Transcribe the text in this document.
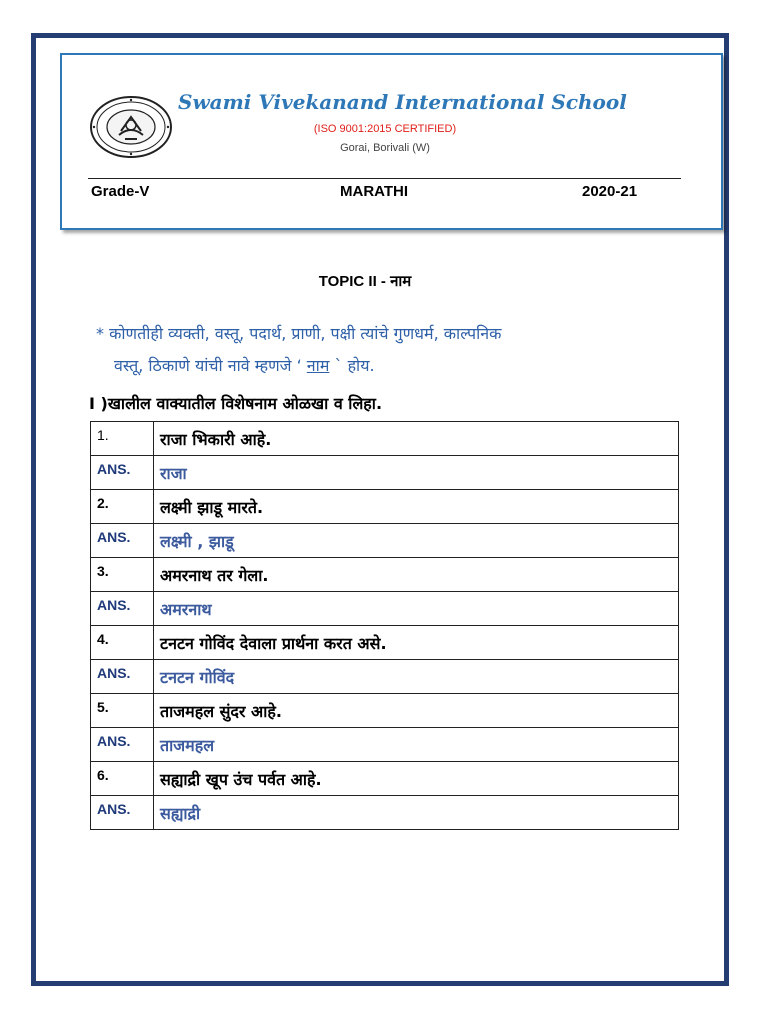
Swami Vivekanand International School
(ISO 9001:2015 CERTIFIED)
Gorai, Borivali (W)
Grade-V	MARATHI	2020-21
TOPIC II - नाम
* कोणतीही व्यक्ती, वस्तू, पदार्थ, प्राणी, पक्षी त्यांचे गुणधर्म, काल्पनिक
वस्तू, ठिकाणे यांची नावे म्हणजे ‘ नाम ` होय.
I )खालील वाक्यातील विशेषनाम ओळखा व लिहा.
1.	राजा भिकारी आहे.
ANS.	राजा
2.	लक्ष्मी झाडू मारते.
ANS.	लक्ष्मी , झाडू
3.	अमरनाथ तर गेला.
ANS.	अमरनाथ
4.	टनटन गोविंद देवाला प्रार्थना करत असे.
ANS.	टनटन गोविंद
5.	ताजमहल सुंदर आहे.
ANS.	ताजमहल
6.	सह्याद्री खूप उंच पर्वत आहे.
ANS.	सह्याद्री
